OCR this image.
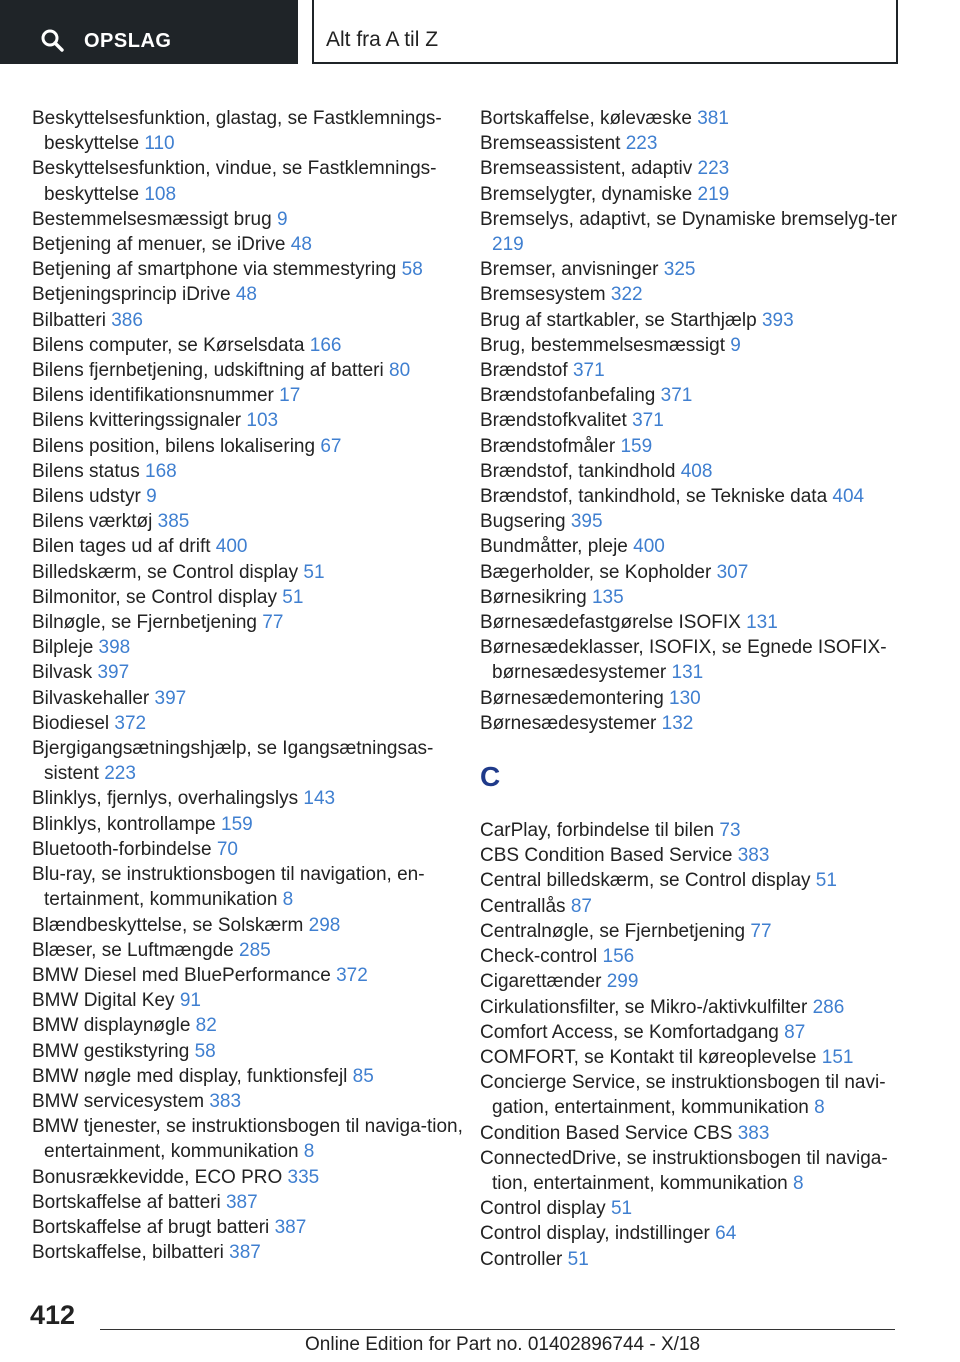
OPSLAG	Alt fra A til Z

Beskyttelsesfunktion, glastag, se Fastklemnings‐beskyttelse 110

Beskyttelsesfunktion, vindue, se Fastklemnings‐beskyttelse 108

Bestemmelsesmæssigt brug 9

Betjening af menuer, se iDrive 48

Betjening af smartphone via stemmestyring 58

Betjeningsprincip iDrive 48

Bilbatteri 386

Bilens computer, se Kørselsdata 166

Bilens fjernbetjening, udskiftning af batteri 80

Bilens identifikationsnummer 17

Bilens kvitteringssignaler 103

Bilens position, bilens lokalisering 67

Bilens status 168

Bilens udstyr 9

Bilens værktøj 385

Bilen tages ud af drift 400

Billedskærm, se Control display 51

Bilmonitor, se Control display 51

Bilnøgle, se Fjernbetjening 77

Bilpleje 398

Bilvask 397

Bilvaskehaller 397

Biodiesel 372

Bjergigangsætningshjælp, se Igangsætningsas‐sistent 223

Blinklys, fjernlys, overhalingslys 143

Blinklys, kontrollampe 159

Bluetooth-forbindelse 70

Blu-ray, se instruktionsbogen til navigation, en‐tertainment, kommunikation 8

Blændbeskyttelse, se Solskærm 298

Blæser, se Luftmængde 285

BMW Diesel med BluePerformance 372

BMW Digital Key 91

BMW displaynøgle 82

BMW gestikstyring 58

BMW nøgle med display, funktionsfejl 85

BMW servicesystem 383

BMW tjenester, se instruktionsbogen til naviga‐tion, entertainment, kommunikation 8

Bonusrækkevidde, ECO PRO 335

Bortskaffelse af batteri 387

Bortskaffelse af brugt batteri 387

Bortskaffelse, bilbatteri 387

Bortskaffelse, kølevæske 381

Bremseassistent 223

Bremseassistent, adaptiv 223

Bremselygter, dynamiske 219

Bremselys, adaptivt, se Dynamiske bremselyg‐ter 219

Bremser, anvisninger 325

Bremsesystem 322

Brug af startkabler, se Starthjælp 393

Brug, bestemmelsesmæssigt 9

Brændstof 371

Brændstofanbefaling 371

Brændstofkvalitet 371

Brændstofmåler 159

Brændstof, tankindhold 408

Brændstof, tankindhold, se Tekniske data 404

Bugsering 395

Bundmåtter, pleje 400

Bægerholder, se Kopholder 307

Børnesikring 135

Børnesædefastgørelse ISOFIX 131

Børnesædeklasser, ISOFIX, se Egnede ISOFIX-børnesædesystemer 131

Børnesædemontering 130

Børnesædesystemer 132

C

CarPlay, forbindelse til bilen 73

CBS Condition Based Service 383

Central billedskærm, se Control display 51

Centrallås 87

Centralnøgle, se Fjernbetjening 77

Check-control 156

Cigarettænder 299

Cirkulationsfilter, se Mikro-/aktivkulfilter 286

Comfort Access, se Komfortadgang 87

COMFORT, se Kontakt til køreoplevelse 151

Concierge Service, se instruktionsbogen til navi‐gation, entertainment, kommunikation 8

Condition Based Service CBS 383

ConnectedDrive, se instruktionsbogen til naviga‐tion, entertainment, kommunikation 8

Control display 51

Control display, indstillinger 64

Controller 51

412
Online Edition for Part no. 01402896744 - X/18
